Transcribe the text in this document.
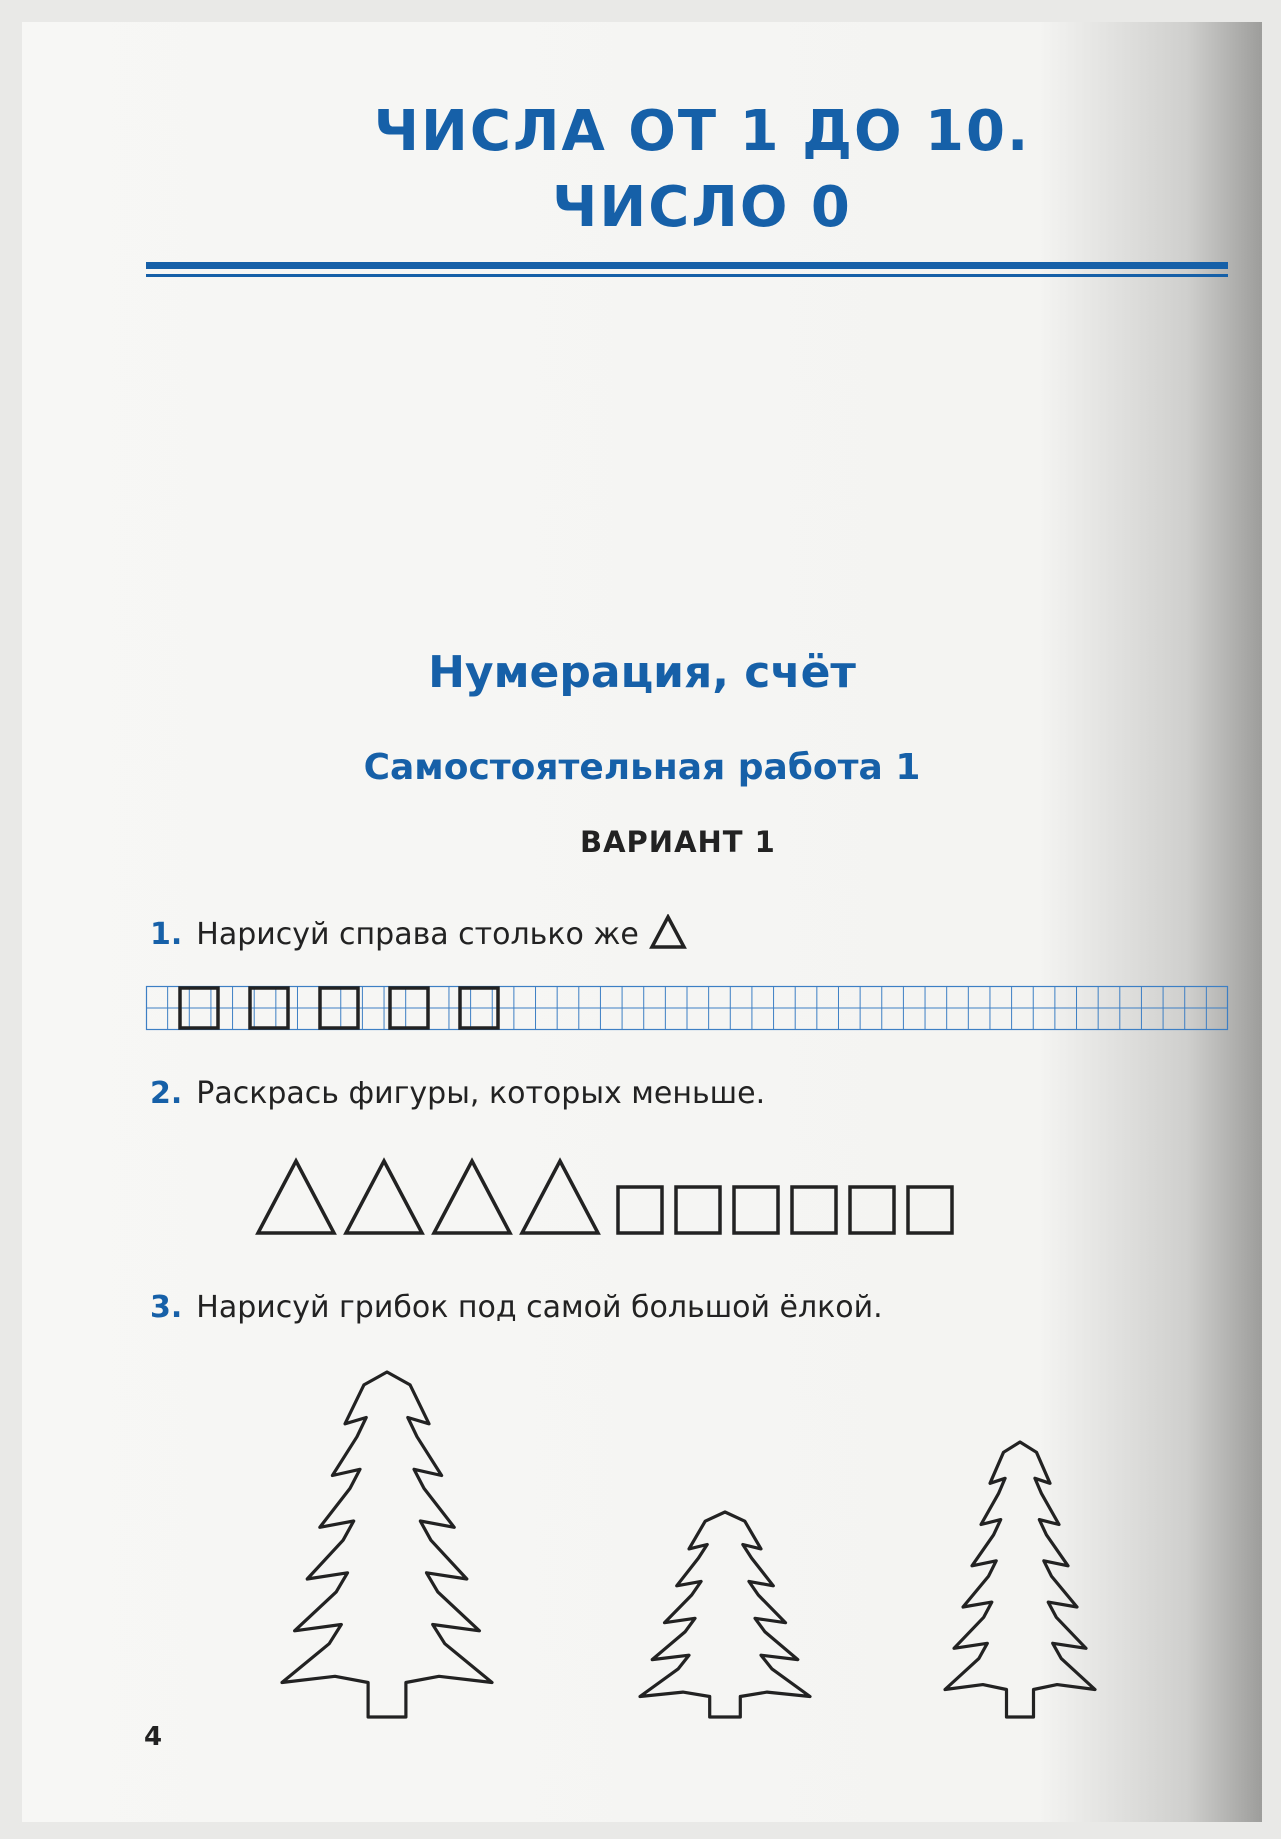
ЧИСЛА ОТ 1 ДО 10.
ЧИСЛО 0
Нумерация, счёт
Самостоятельная работа 1
ВАРИАНТ 1
1. Нарисуй справа столько же
2. Раскрась фигуры, которых меньше.
3. Нарисуй грибок под самой большой ёлкой.
4
